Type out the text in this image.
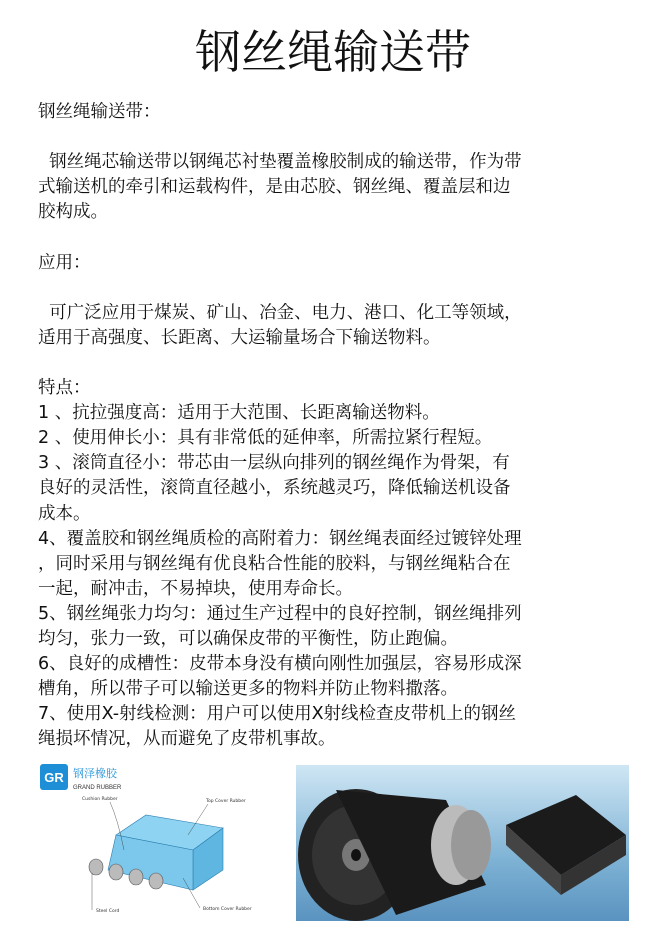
钢丝绳输送带
钢丝绳输送带：
钢丝绳芯输送带以钢绳芯衬垫覆盖橡胶制成的输送带，作为带
式输送机的牵引和运载构件，是由芯胶、钢丝绳、覆盖层和边
胶构成。
应用：
可广泛应用于煤炭、矿山、冶金、电力、港口、化工等领域，
适用于高强度、长距离、大运输量场合下输送物料。
特点：
1 、抗拉强度高：适用于大范围、长距离输送物料。
2 、使用伸长小：具有非常低的延伸率，所需拉紧行程短。
3 、滚筒直径小：带芯由一层纵向排列的钢丝绳作为骨架，有
良好的灵活性，滚筒直径越小，系统越灵巧，降低输送机设备
成本。
4、覆盖胶和钢丝绳质检的高附着力：钢丝绳表面经过镀锌处理
，同时采用与钢丝绳有优良粘合性能的胶料，与钢丝绳粘合在
一起，耐冲击，不易掉块，使用寿命长。
5、钢丝绳张力均匀：通过生产过程中的良好控制，钢丝绳排列
均匀，张力一致，可以确保皮带的平衡性，防止跑偏。
6、良好的成槽性：皮带本身没有横向刚性加强层，容易形成深
槽角，所以带子可以输送更多的物料并防止物料撒落。
7、使用X-射线检测：用户可以使用X射线检查皮带机上的钢丝
绳损坏情况，从而避免了皮带机事故。
GR 钢泽橡胶
GRAND RUBBER
Cushion Rubber	Top Cover Rubber
Steel Cord	Bottom Cover Rubber
